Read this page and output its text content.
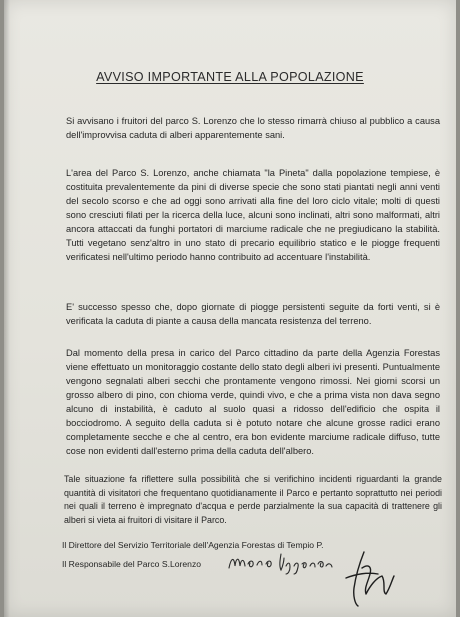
AVVISO IMPORTANTE ALLA POPOLAZIONE

Si avvisano i fruitori del parco S. Lorenzo che lo stesso rimarrà chiuso al pubblico a causa dell'improvvisa caduta di alberi apparentemente sani.

L'area del Parco S. Lorenzo, anche chiamata "la Pineta" dalla popolazione tempiese, è costituita prevalentemente da pini di diverse specie che sono stati piantati negli anni venti del secolo scorso e che ad oggi sono arrivati alla fine del loro ciclo vitale; molti di questi sono cresciuti filati per la ricerca della luce, alcuni sono inclinati, altri sono malformati, altri ancora attaccati da funghi portatori di marciume radicale che ne pregiudicano la stabilità. Tutti vegetano senz'altro in uno stato di precario equilibrio statico e le piogge frequenti verificatesi nell'ultimo periodo hanno contribuito ad accentuare l'instabilità.

E' successo spesso che, dopo giornate di piogge persistenti seguite da forti venti, si è verificata la caduta di piante a causa della mancata resistenza del terreno.

Dal momento della presa in carico del Parco cittadino da parte della Agenzia Forestas viene effettuato un monitoraggio costante dello stato degli alberi ivi presenti. Puntualmente vengono segnalati alberi secchi che prontamente vengono rimossi. Nei giorni scorsi un grosso albero di pino, con chioma verde, quindi vivo, e che a prima vista non dava segno alcuno di instabilità, è caduto al suolo quasi a ridosso dell'edificio che ospita il bocciodromo. A seguito della caduta si è potuto notare che alcune grosse radici erano completamente secche e che al centro, era bon evidente marciume radicale diffuso, tutte cose non evidenti dall'esterno prima della caduta dell'albero.

Tale situazione fa riflettere sulla possibilità che si verifichino incidenti riguardanti la grande quantità di visitatori che frequentano quotidianamente il Parco e pertanto soprattutto nei periodi nei quali il terreno è impregnato d'acqua e perde parzialmente la sua capacità di trattenere gli alberi si vieta ai fruitori di visitare il Parco.

Il Direttore del Servizio Territoriale dell'Agenzia Forestas di Tempio P.

Il Responsabile del Parco S.Lorenzo
